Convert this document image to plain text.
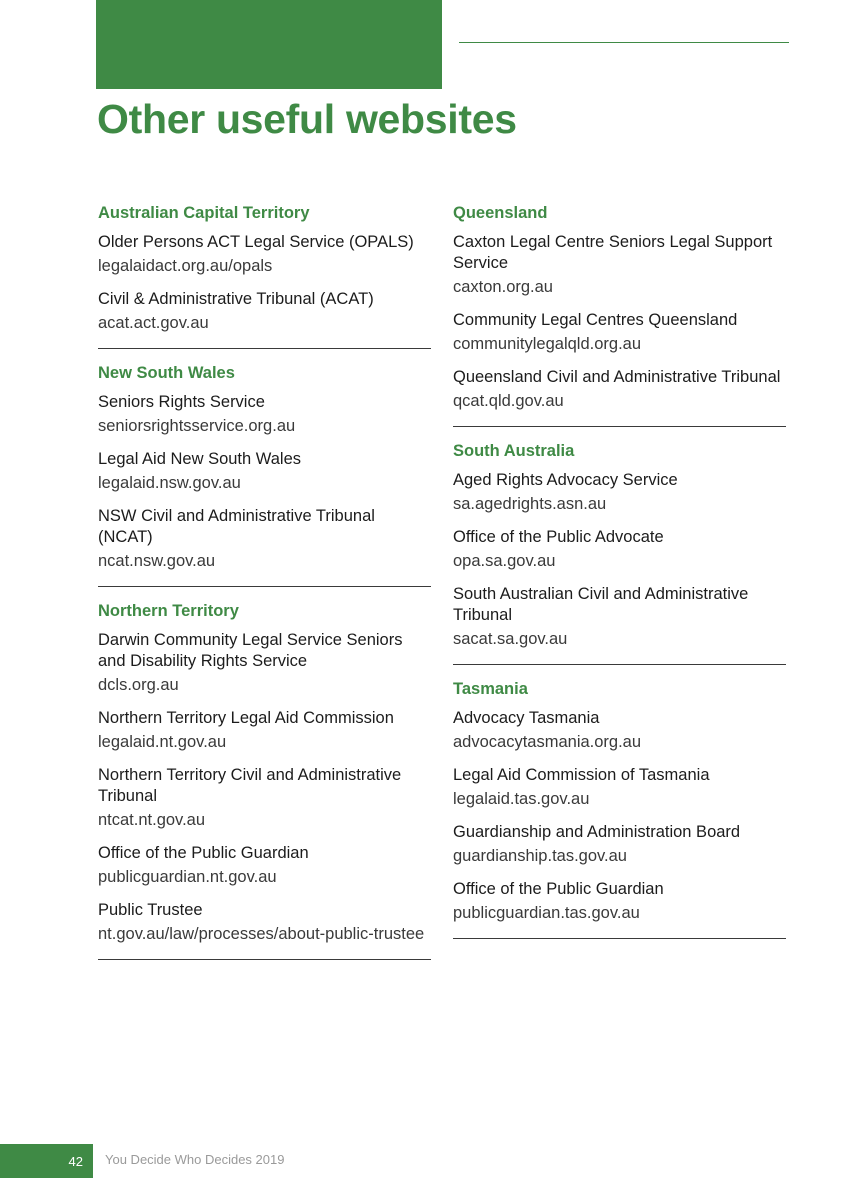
Other useful websites
Australian Capital Territory
Older Persons ACT Legal Service (OPALS)
legalaidact.org.au/opals
Civil & Administrative Tribunal (ACAT)
acat.act.gov.au
New South Wales
Seniors Rights Service
seniorsrightsservice.org.au
Legal Aid New South Wales
legalaid.nsw.gov.au
NSW Civil and Administrative Tribunal (NCAT)
ncat.nsw.gov.au
Northern Territory
Darwin Community Legal Service Seniors and Disability Rights Service
dcls.org.au
Northern Territory Legal Aid Commission
legalaid.nt.gov.au
Northern Territory Civil and Administrative Tribunal
ntcat.nt.gov.au
Office of the Public Guardian
publicguardian.nt.gov.au
Public Trustee
nt.gov.au/law/processes/about-public-trustee
Queensland
Caxton Legal Centre Seniors Legal Support Service
caxton.org.au
Community Legal Centres Queensland
communitylegalqld.org.au
Queensland Civil and Administrative Tribunal
qcat.qld.gov.au
South Australia
Aged Rights Advocacy Service
sa.agedrights.asn.au
Office of the Public Advocate
opa.sa.gov.au
South Australian Civil and Administrative Tribunal
sacat.sa.gov.au
Tasmania
Advocacy Tasmania
advocacytasmania.org.au
Legal Aid Commission of Tasmania
legalaid.tas.gov.au
Guardianship and Administration Board
guardianship.tas.gov.au
Office of the Public Guardian
publicguardian.tas.gov.au
42 You Decide Who Decides 2019
